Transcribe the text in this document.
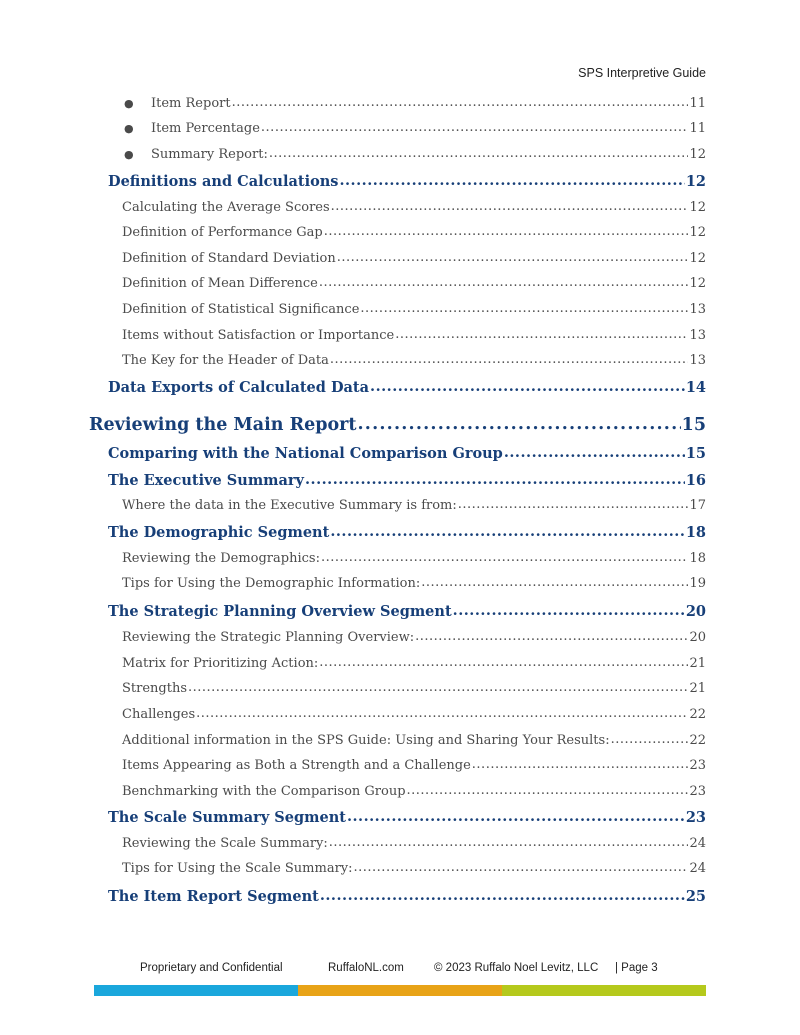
SPS Interpretive Guide
●	Item Report .....	11
●	Item Percentage .....	11
●	Summary Report: .....	12
Definitions and Calculations .....	12
Calculating the Average Scores .....	12
Definition of Performance Gap .....	12
Definition of Standard Deviation .....	12
Definition of Mean Difference .....	12
Definition of Statistical Significance .....	13
Items without Satisfaction or Importance .....	13
The Key for the Header of Data .....	13
Data Exports of Calculated Data .....	14
Reviewing the Main Report .....	15
Comparing with the National Comparison Group .....	15
The Executive Summary .....	16
Where the data in the Executive Summary is from: .....	17
The Demographic Segment .....	18
Reviewing the Demographics: .....	18
Tips for Using the Demographic Information: .....	19
The Strategic Planning Overview Segment .....	20
Reviewing the Strategic Planning Overview: .....	20
Matrix for Prioritizing Action: .....	21
Strengths .....	21
Challenges .....	22
Additional information in the SPS Guide: Using and Sharing Your Results: .....	22
Items Appearing as Both a Strength and a Challenge .....	23
Benchmarking with the Comparison Group .....	23
The Scale Summary Segment .....	23
Reviewing the Scale Summary: .....	24
Tips for Using the Scale Summary: .....	24
The Item Report Segment .....	25
Proprietary and Confidential	RuffaloNL.com	© 2023 Ruffalo Noel Levitz, LLC | Page 3
